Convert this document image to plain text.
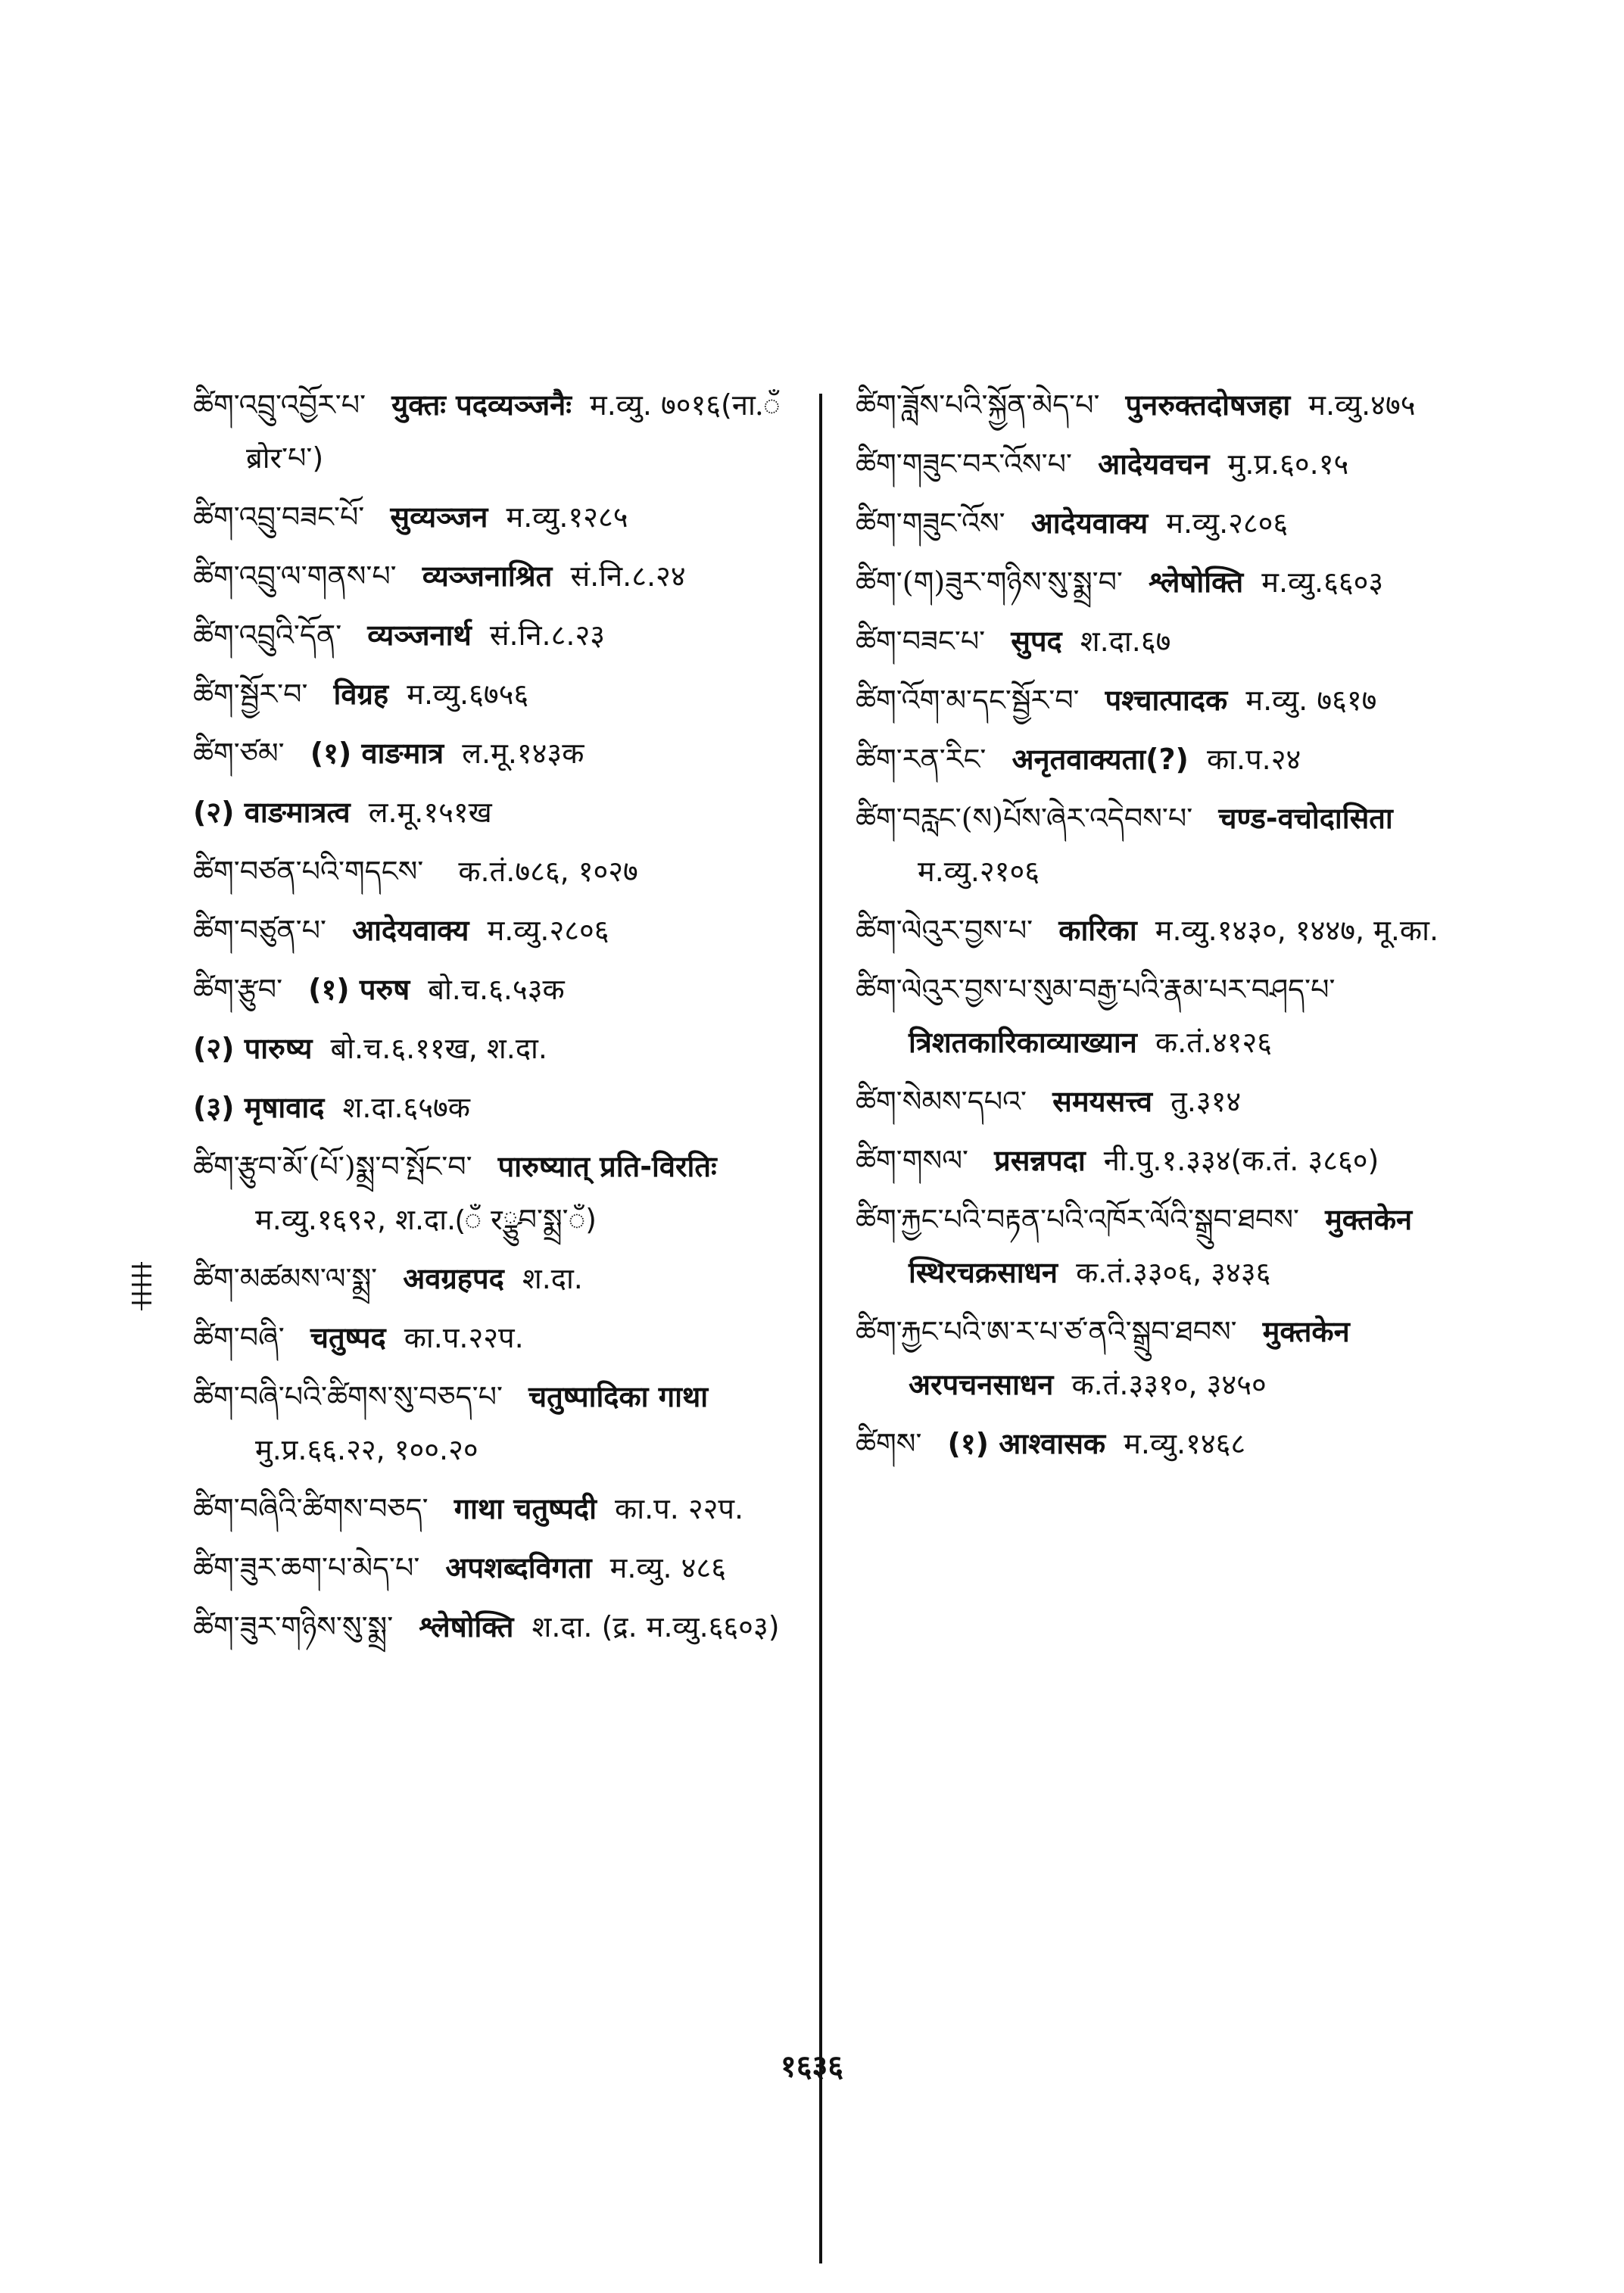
ཚིག་འབྲུ་འབྱོར་པ་ युक्तः पदव्यञ्जनैः म.व्यु. ७०१६(ना.ँ ब्रोर་པ་)
ཚིག་འབྲུ་བཟང་པོ་ सुव्यञ्जन म.व्यु.१२८५
ཚིག་འབྲུ་ལ་གནས་པ་ व्यञ्जनाश्रित सं.नि.८.२४
ཚིག་འབྲུའི་དོན་ व्यञ्जनार्थ सं.नि.८.२३
ཚིག་སྦྱོར་བ་ विग्रह म.व्यु.६७५६
ཚིག་ཙམ་ (१) वाङमात्र ल.मू.१४३क
(२) वाङमात्रत्व ल.मू.१५१ख
ཚིག་བཙན་པའི་གདངས་ क.तं.७८६, १०२७
ཚིག་བཙུན་པ་ आदेयवाक्य म.व्यु.२८०६
ཚིག་རྩུབ་ (१) परुष बो.च.६.५३क
(२) पारुष्य बो.च.६.११ख, श.दा.
(३) मृषावाद श.दा.६५७क
ཚིག་རྩུབ་མོ་(པོ་)སྨྲ་བ་སྤོང་བ་ पारुष्यात् प्रति-विरतिः म.व्यु.१६९२, श.दा.(ँ रྩུབ་སྨྲ་ँ)
ཚིག་མཚམས་ལ་སྨྲ་ अवग्रहपद श.दा.
ཚིག་བཞི་ चतुष्पद का.प.२२प.
ཚིག་བཞི་པའི་ཚིགས་སུ་བཅད་པ་ चतुष्पादिका गाथा मु.प्र.६६.२२, १००.२०
ཚིག་བཞིའི་ཚིགས་བཅད་ गाथा चतुष्पदी का.प. २२प.
ཚིག་ཟུར་ཆག་པ་མེད་པ་ अपशब्दविगता म.व्यु. ४८६
ཚིག་ཟུར་གཉིས་སུ་སྨྲ་ श्लेषोक्ति श.दा. (द्र. म.व्यु.६६०३)
ཚིག་ཟློས་པའི་སྐྱོན་མེད་པ་ पुनरुक्तदोषजहा म.व्यु.४७५
ཚིག་གཟུང་བར་འོས་པ་ आदेयवचन मु.प्र.६०.१५
ཚིག་གཟུང་འོས་ आदेयवाक्य म.व्यु.२८०६
ཚིག་(ག)ཟུར་གཉིས་སུ་སྨྲ་བ་ श्लेषोक्ति म.व्यु.६६०३
ཚིག་བཟང་པ་ सुपद श.दा.६७
ཚིག་འོག་མ་དང་སྦྱོར་བ་ पश्चात्पादक म.व्यु. ७६१७
ཚིག་རན་རིང་ अनृतवाक्यता(?) का.प.२४
ཚིག་བརླང་(ས)པོས་ཞེར་འདེབས་པ་ चण्ड-वचोदासिता म.व्यु.२१०६
ཚིག་ལེའུར་བྱས་པ་ कारिका म.व्यु.१४३०, १४४७, मू.का.
ཚིག་ལེའུར་བྱས་པ་སུམ་བརྒྱ་པའི་རྣམ་པར་བཤད་པ་ त्रिशतकारिकाव्याख्यान क.तं.४१२६
ཚིག་སེམས་དཔའ་ समयसत्त्व तु.३१४
ཚིག་གསལ་ प्रसन्नपदा नी.पु.१.३३४(क.तं. ३८६०)
ཚིག་རྐྱང་པའི་བརྟན་པའི་འཁོར་ལོའི་སྒྲུབ་ཐབས་ मुक्तकेन स्थिरचक्रसाधन क.तं.३३०६, ३४३६
ཚིག་རྐྱང་པའི་ཨ་ར་པ་ཙ་ནའི་སྒྲུབ་ཐབས་ मुक्तकेन अरपचनसाधन क.तं.३३१०, ३४५०
ཚིགས་ (१) आश्वासक म.व्यु.१४६८
१६३६
